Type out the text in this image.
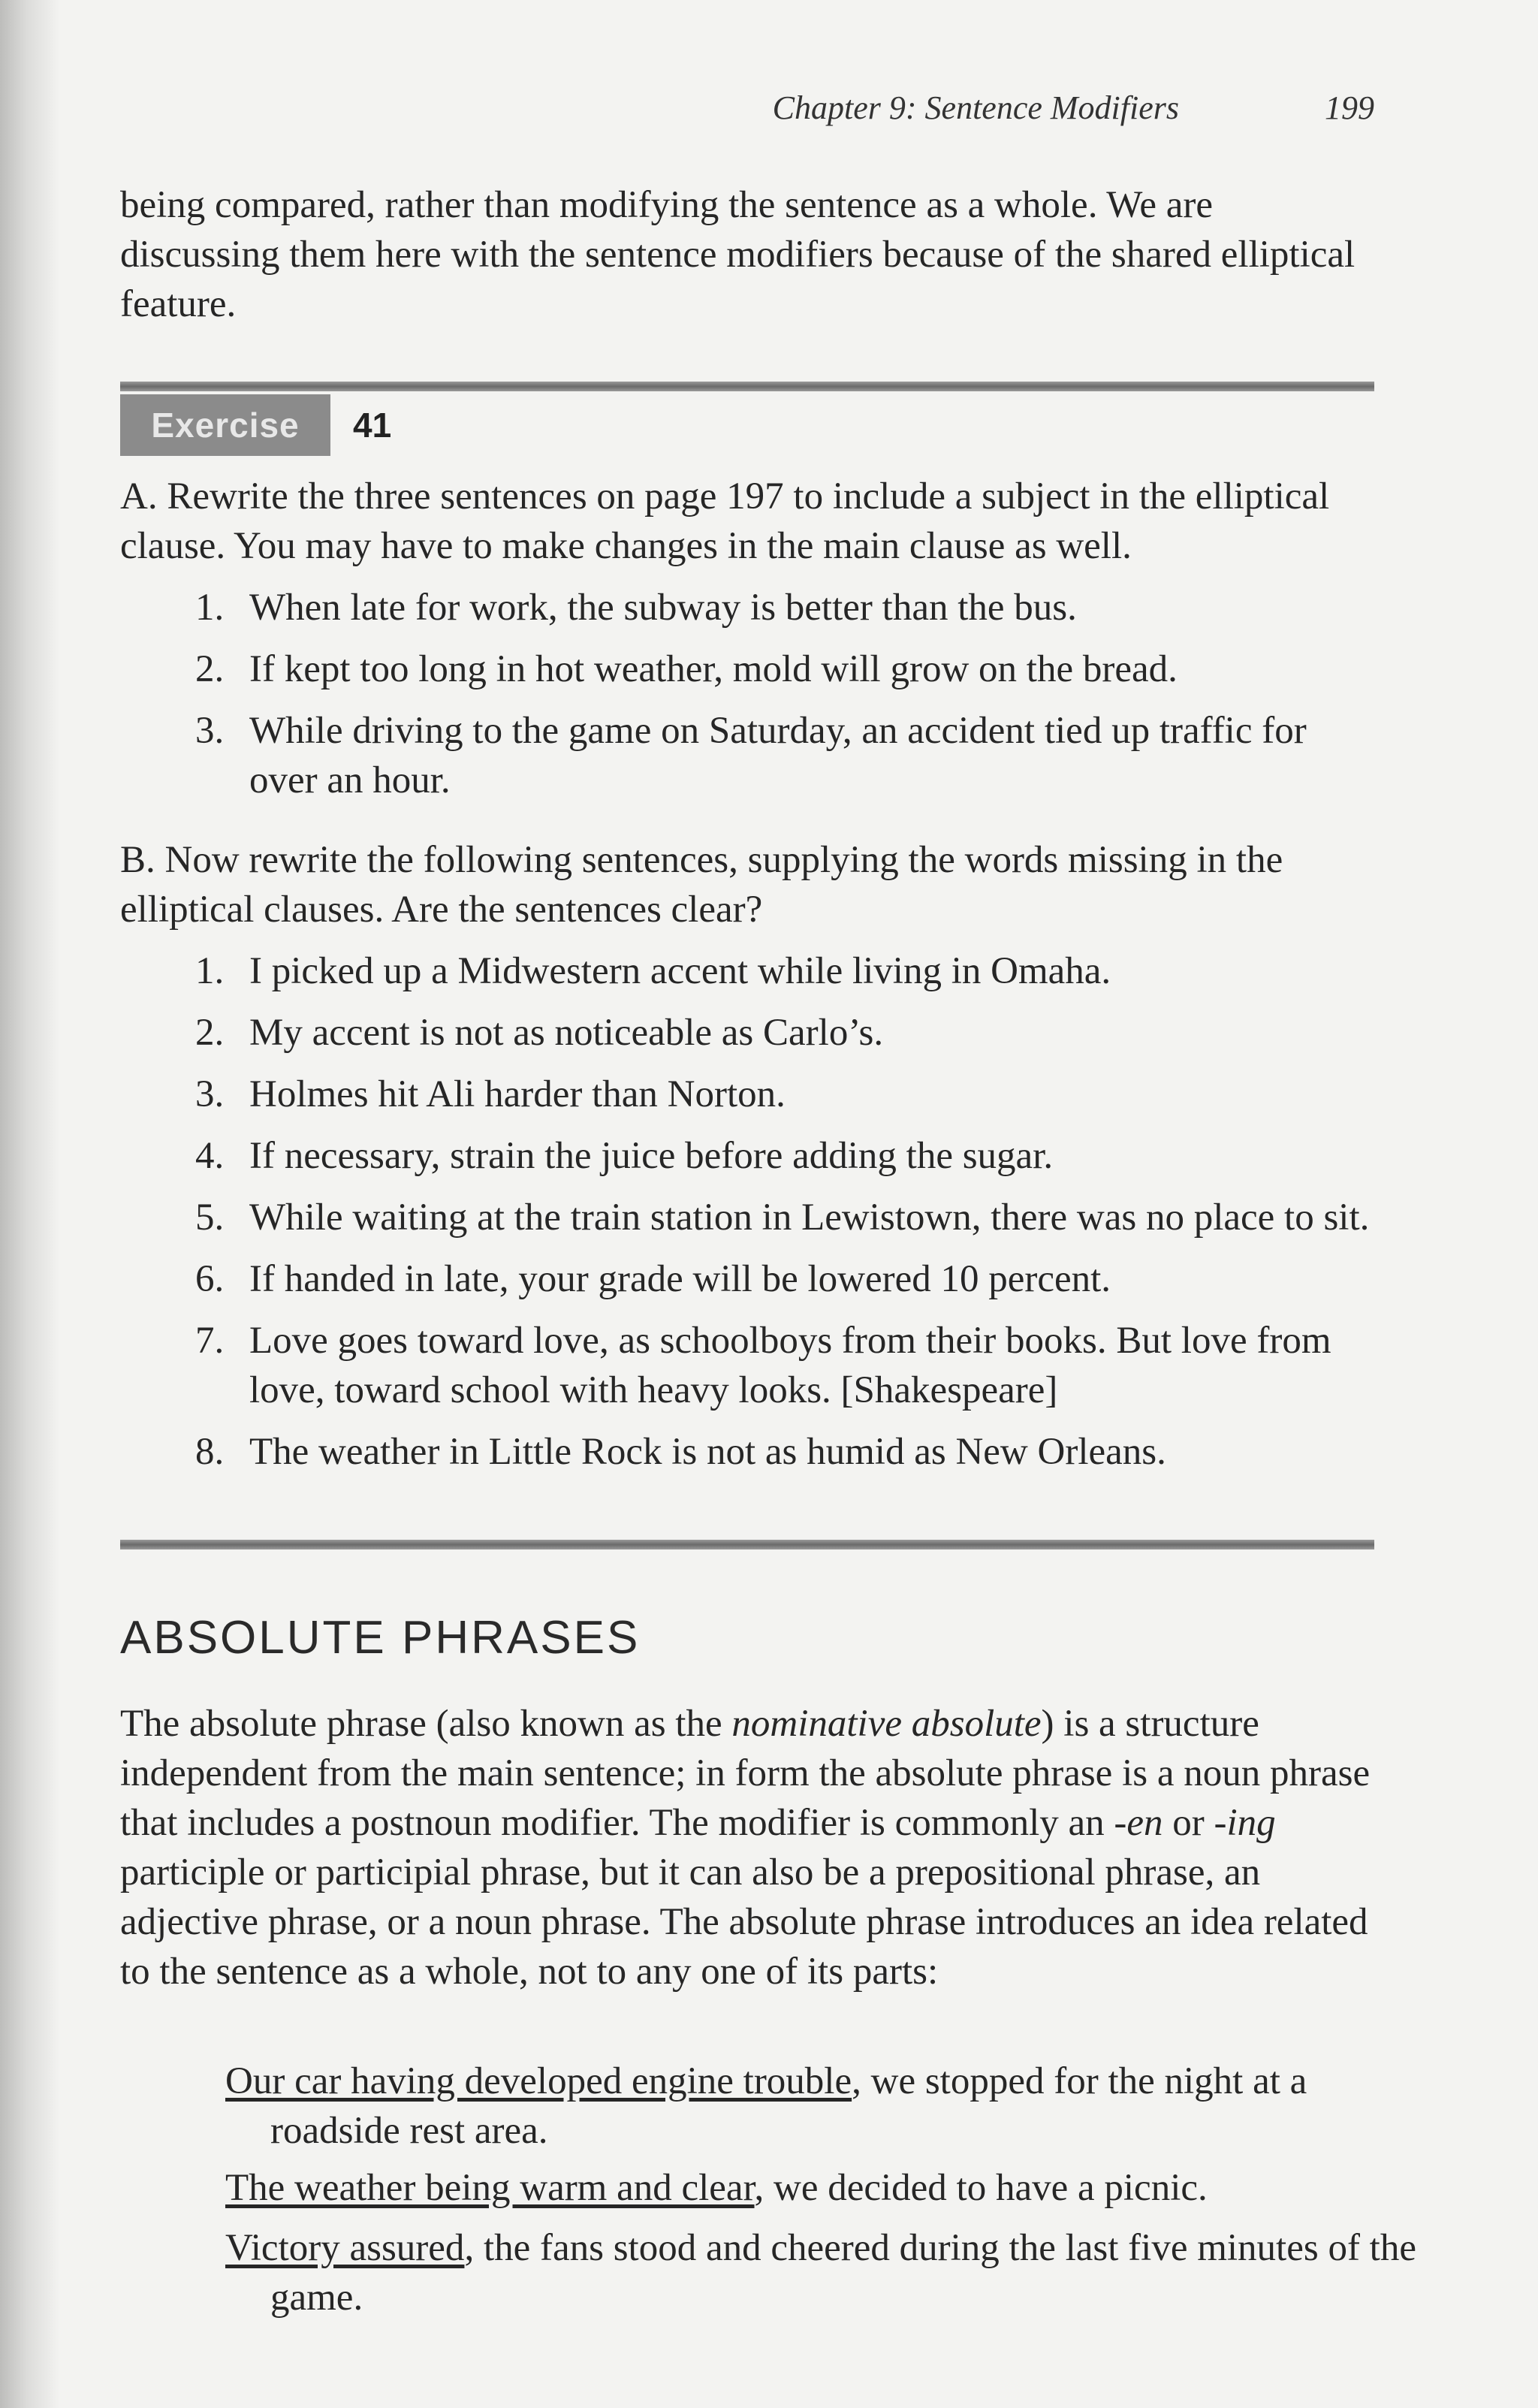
Chapter 9: Sentence Modifiers	199

being compared, rather than modifying the sentence as a whole. We are discussing them here with the sentence modifiers because of the shared elliptical feature.

Exercise	41

A. Rewrite the three sentences on page 197 to include a subject in the elliptical clause. You may have to make changes in the main clause as well.

1. When late for work, the subway is better than the bus.
2. If kept too long in hot weather, mold will grow on the bread.
3. While driving to the game on Saturday, an accident tied up traffic for over an hour.

B. Now rewrite the following sentences, supplying the words missing in the elliptical clauses. Are the sentences clear?

1. I picked up a Midwestern accent while living in Omaha.
2. My accent is not as noticeable as Carlo’s.
3. Holmes hit Ali harder than Norton.
4. If necessary, strain the juice before adding the sugar.
5. While waiting at the train station in Lewistown, there was no place to sit.
6. If handed in late, your grade will be lowered 10 percent.
7. Love goes toward love, as schoolboys from their books. But love from love, toward school with heavy looks. [Shakespeare]
8. The weather in Little Rock is not as humid as New Orleans.
ABSOLUTE PHRASES

The absolute phrase (also known as the nominative absolute) is a structure independent from the main sentence; in form the absolute phrase is a noun phrase that includes a postnoun modifier. The modifier is commonly an -en or -ing participle or participial phrase, but it can also be a prepositional phrase, an adjective phrase, or a noun phrase. The absolute phrase introduces an idea related to the sentence as a whole, not to any one of its parts:

Our car having developed engine trouble, we stopped for the night at a roadside rest area.

The weather being warm and clear, we decided to have a picnic.

Victory assured, the fans stood and cheered during the last five minutes of the game.
